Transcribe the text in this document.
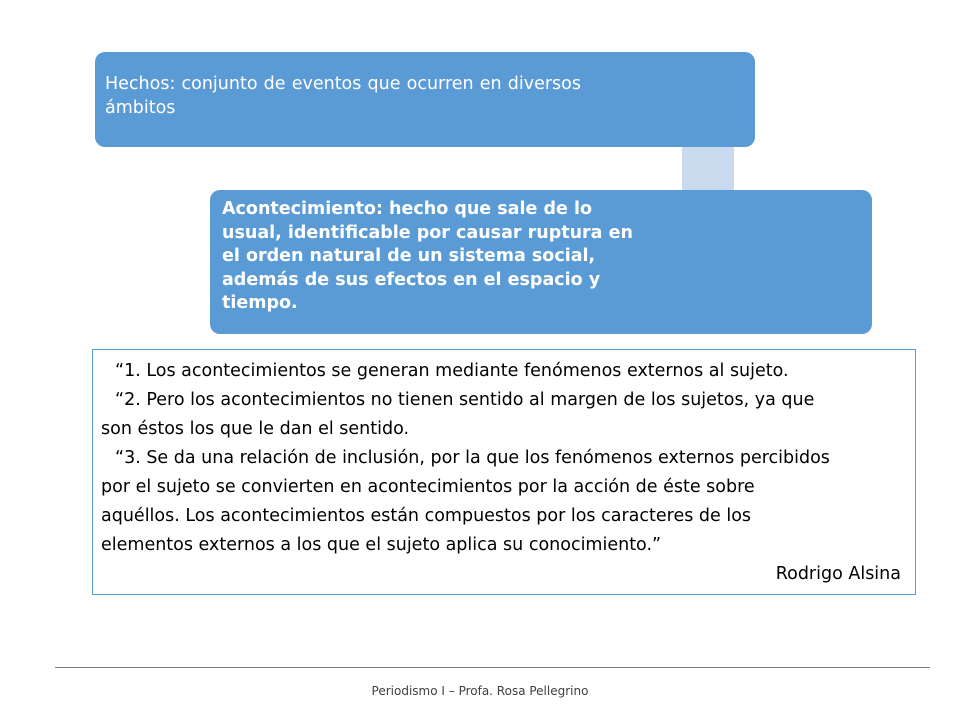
Hechos: conjunto de eventos que ocurren en diversos ámbitos
Acontecimiento: hecho que sale de lo usual, identificable por causar ruptura en el orden natural de un sistema social, además de sus efectos en el espacio y tiempo.

“1. Los acontecimientos se generan mediante fenómenos externos al sujeto.

“2. Pero los acontecimientos no tienen sentido al margen de los sujetos, ya que

son éstos los que le dan el sentido.

“3. Se da una relación de inclusión, por la que los fenómenos externos percibidos

por el sujeto se convierten en acontecimientos por la acción de éste sobre

aquéllos. Los acontecimientos están compuestos por los caracteres de los

elementos externos a los que el sujeto aplica su conocimiento.”

Rodrigo Alsina

Periodismo I – Profa. Rosa Pellegrino
